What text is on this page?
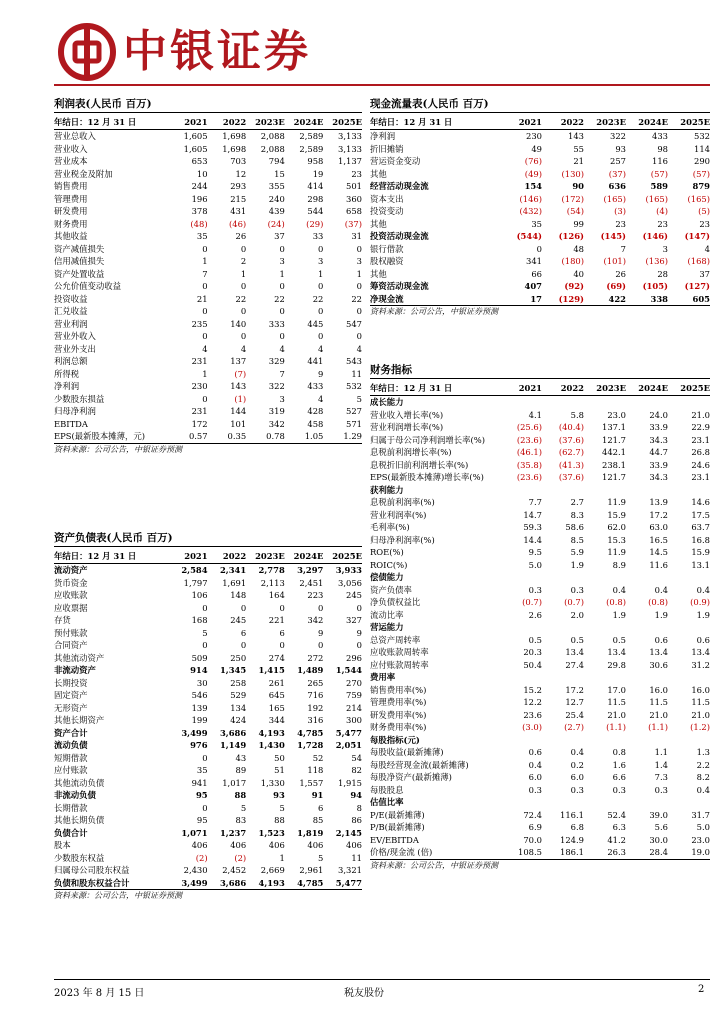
中银证券
利润表(人民币 百万)
年结日：12 月 31 日	2021	2022	2023E	2024E	2025E
营业总收入	1,605	1,698	2,088	2,589	3,133
营业收入	1,605	1,698	2,088	2,589	3,133
营业成本	653	703	794	958	1,137
营业税金及附加	10	12	15	19	23
销售费用	244	293	355	414	501
管理费用	196	215	240	298	360
研发费用	378	431	439	544	658
财务费用	(48)	(46)	(24)	(29)	(37)
其他收益	35	26	37	33	31
资产减值损失	0	0	0	0	0
信用减值损失	1	2	3	3	3
资产处置收益	7	1	1	1	1
公允价值变动收益	0	0	0	0	0
投资收益	21	22	22	22	22
汇兑收益	0	0	0	0	0
营业利润	235	140	333	445	547
营业外收入	0	0	0	0	0
营业外支出	4	4	4	4	4
利润总额	231	137	329	441	543
所得税	1	(7)	7	9	11
净利润	230	143	322	433	532
少数股东损益	0	(1)	3	4	5
归母净利润	231	144	319	428	527
EBITDA	172	101	342	458	571
EPS(最新股本摊薄，元)	0.57	0.35	0.78	1.05	1.29
资料来源：公司公告，中银证券预测
资产负债表(人民币 百万)
年结日：12 月 31 日	2021	2022	2023E	2024E	2025E
流动资产	2,584	2,341	2,778	3,297	3,933
货币资金	1,797	1,691	2,113	2,451	3,056
应收账款	106	148	164	223	245
应收票据	0	0	0	0	0
存货	168	245	221	342	327
预付账款	5	6	6	9	9
合同资产	0	0	0	0	0
其他流动资产	509	250	274	272	296
非流动资产	914	1,345	1,415	1,489	1,544
长期投资	30	258	261	265	270
固定资产	546	529	645	716	759
无形资产	139	134	165	192	214
其他长期资产	199	424	344	316	300
资产合计	3,499	3,686	4,193	4,785	5,477
流动负债	976	1,149	1,430	1,728	2,051
短期借款	0	43	50	52	54
应付账款	35	89	51	118	82
其他流动负债	941	1,017	1,330	1,557	1,915
非流动负债	95	88	93	91	94
长期借款	0	5	5	6	8
其他长期负债	95	83	88	85	86
负债合计	1,071	1,237	1,523	1,819	2,145
股本	406	406	406	406	406
少数股东权益	(2)	(2)	1	5	11
归属母公司股东权益	2,430	2,452	2,669	2,961	3,321
负债和股东权益合计	3,499	3,686	4,193	4,785	5,477
资料来源：公司公告，中银证券预测
现金流量表(人民币 百万)
年结日：12 月 31 日	2021	2022	2023E	2024E	2025E
净利润	230	143	322	433	532
折旧摊销	49	55	93	98	114
营运资金变动	(76)	21	257	116	290
其他	(49)	(130)	(37)	(57)	(57)
经营活动现金流	154	90	636	589	879
资本支出	(146)	(172)	(165)	(165)	(165)
投资变动	(432)	(54)	(3)	(4)	(5)
其他	35	99	23	23	23
投资活动现金流	(544)	(126)	(145)	(146)	(147)
银行借款	0	48	7	3	4
股权融资	341	(180)	(101)	(136)	(168)
其他	66	40	26	28	37
筹资活动现金流	407	(92)	(69)	(105)	(127)
净现金流	17	(129)	422	338	605
资料来源：公司公告，中银证券预测
财务指标
年结日：12 月 31 日	2021	2022	2023E	2024E	2025E
成长能力					
营业收入增长率(%)	4.1	5.8	23.0	24.0	21.0
营业利润增长率(%)	(25.6)	(40.4)	137.1	33.9	22.9
归属于母公司净利润增长率(%)	(23.6)	(37.6)	121.7	34.3	23.1
息税前利润增长率(%)	(46.1)	(62.7)	442.1	44.7	26.8
息税折旧前利润增长率(%)	(35.8)	(41.3)	238.1	33.9	24.6
EPS(最新股本摊薄)增长率(%)	(23.6)	(37.6)	121.7	34.3	23.1
获利能力					
息税前利润率(%)	7.7	2.7	11.9	13.9	14.6
营业利润率(%)	14.7	8.3	15.9	17.2	17.5
毛利率(%)	59.3	58.6	62.0	63.0	63.7
归母净利润率(%)	14.4	8.5	15.3	16.5	16.8
ROE(%)	9.5	5.9	11.9	14.5	15.9
ROIC(%)	5.0	1.9	8.9	11.6	13.1
偿债能力					
资产负债率	0.3	0.3	0.4	0.4	0.4
净负债权益比	(0.7)	(0.7)	(0.8)	(0.8)	(0.9)
流动比率	2.6	2.0	1.9	1.9	1.9
营运能力					
总资产周转率	0.5	0.5	0.5	0.6	0.6
应收账款周转率	20.3	13.4	13.4	13.4	13.4
应付账款周转率	50.4	27.4	29.8	30.6	31.2
费用率					
销售费用率(%)	15.2	17.2	17.0	16.0	16.0
管理费用率(%)	12.2	12.7	11.5	11.5	11.5
研发费用率(%)	23.6	25.4	21.0	21.0	21.0
财务费用率(%)	(3.0)	(2.7)	(1.1)	(1.1)	(1.2)
每股指标(元)					
每股收益(最新摊薄)	0.6	0.4	0.8	1.1	1.3
每股经营现金流(最新摊薄)	0.4	0.2	1.6	1.4	2.2
每股净资产(最新摊薄)	6.0	6.0	6.6	7.3	8.2
每股股息	0.3	0.3	0.3	0.3	0.4
估值比率					
P/E(最新摊薄)	72.4	116.1	52.4	39.0	31.7
P/B(最新摊薄)	6.9	6.8	6.3	5.6	5.0
EV/EBITDA	70.0	124.9	41.2	30.0	23.0
价格/现金流 (倍)	108.5	186.1	26.3	28.4	19.0
资料来源：公司公告，中银证券预测
2023 年 8 月 15 日	税友股份	2
